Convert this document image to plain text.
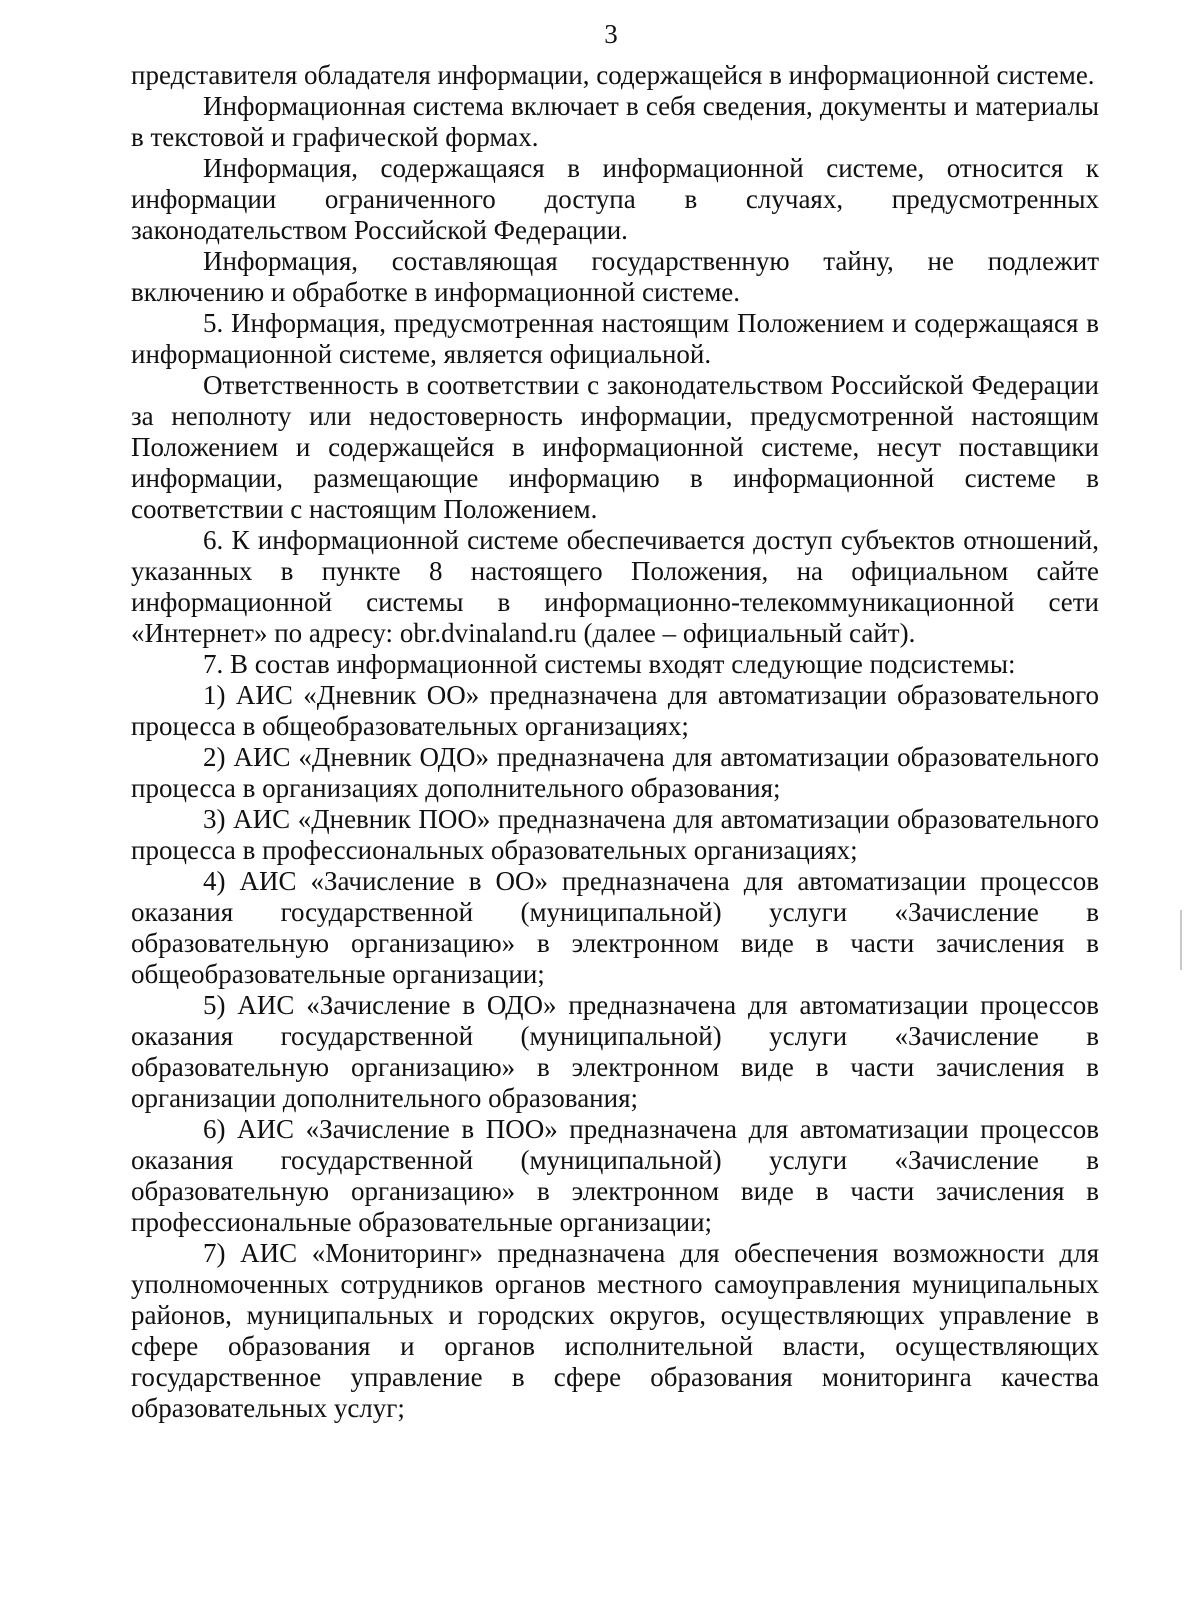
3

представителя обладателя информации, содержащейся в информационной системе.

Информационная система включает в себя сведения, документы и материалы в текстовой и графической формах.

Информация, содержащаяся в информационной системе, относится к информации ограниченного доступа в случаях, предусмотренных законодательством Российской Федерации.

Информация, составляющая государственную тайну, не подлежит включению и обработке в информационной системе.

5. Информация, предусмотренная настоящим Положением и содержащаяся в информационной системе, является официальной.

Ответственность в соответствии с законодательством Российской Федерации за неполноту или недостоверность информации, предусмотренной настоящим Положением и содержащейся в информационной системе, несут поставщики информации, размещающие информацию в информационной системе в соответствии с настоящим Положением.

6. К информационной системе обеспечивается доступ субъектов отношений, указанных в пункте 8 настоящего Положения, на официальном сайте информационной системы в информационно-телекоммуникационной сети «Интернет» по адресу: obr.dvinaland.ru (далее – официальный сайт).

7. В состав информационной системы входят следующие подсистемы:

1) АИС «Дневник ОО» предназначена для автоматизации образовательного процесса в общеобразовательных организациях;

2) АИС «Дневник ОДО» предназначена для автоматизации образовательного процесса в организациях дополнительного образования;

3) АИС «Дневник ПОО» предназначена для автоматизации образовательного процесса в профессиональных образовательных организациях;

4) АИС «Зачисление в ОО» предназначена для автоматизации процессов оказания государственной (муниципальной) услуги «Зачисление в образовательную организацию» в электронном виде в части зачисления в общеобразовательные организации;

5) АИС «Зачисление в ОДО» предназначена для автоматизации процессов оказания государственной (муниципальной) услуги «Зачисление в образовательную организацию» в электронном виде в части зачисления в организации дополнительного образования;

6) АИС «Зачисление в ПОО» предназначена для автоматизации процессов оказания государственной (муниципальной) услуги «Зачисление в образовательную организацию» в электронном виде в части зачисления в профессиональные образовательные организации;

7) АИС «Мониторинг» предназначена для обеспечения возможности для уполномоченных сотрудников органов местного самоуправления муниципальных районов, муниципальных и городских округов, осуществляющих управление в сфере образования и органов исполнительной власти, осуществляющих государственное управление в сфере образования мониторинга качества образовательных услуг;
